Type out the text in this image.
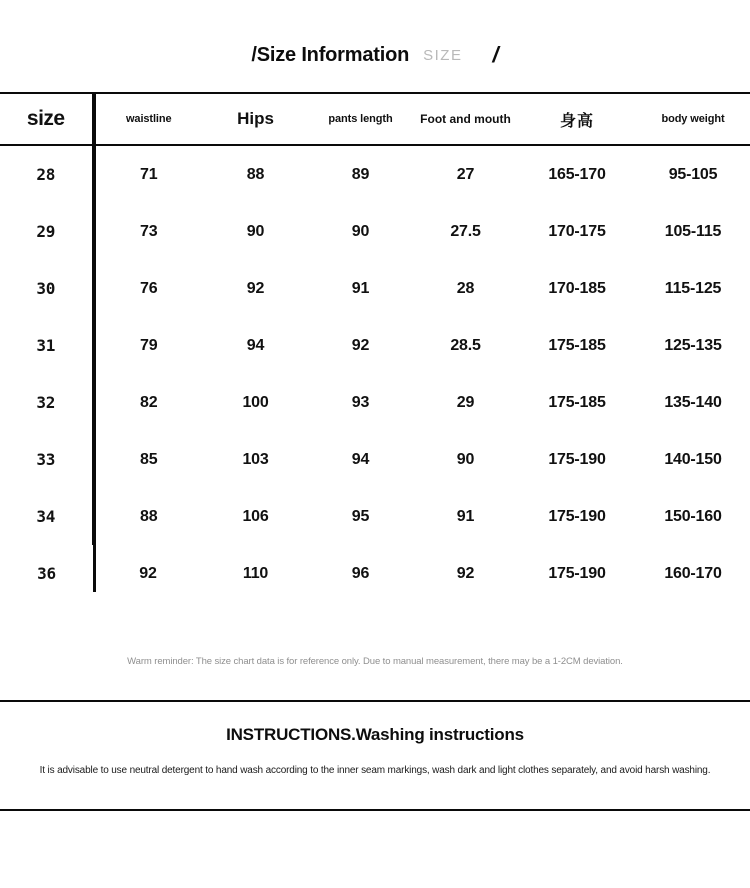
/Size Information SIZE /
size	waistline	Hips	pants length	Foot and mouth	身高	body weight
28	71	88	89	27	165-170	95-105
29	73	90	90	27.5	170-175	105-115
30	76	92	91	28	170-185	115-125
31	79	94	92	28.5	175-185	125-135
32	82	100	93	29	175-185	135-140
33	85	103	94	90	175-190	140-150
34	88	106	95	91	175-190	150-160
36	92	110	96	92	175-190	160-170
Warm reminder: The size chart data is for reference only. Due to manual measurement, there may be a 1-2CM deviation.
INSTRUCTIONS.Washing instructions
It is advisable to use neutral detergent to hand wash according to the inner seam markings, wash dark and light clothes separately, and avoid harsh washing.
